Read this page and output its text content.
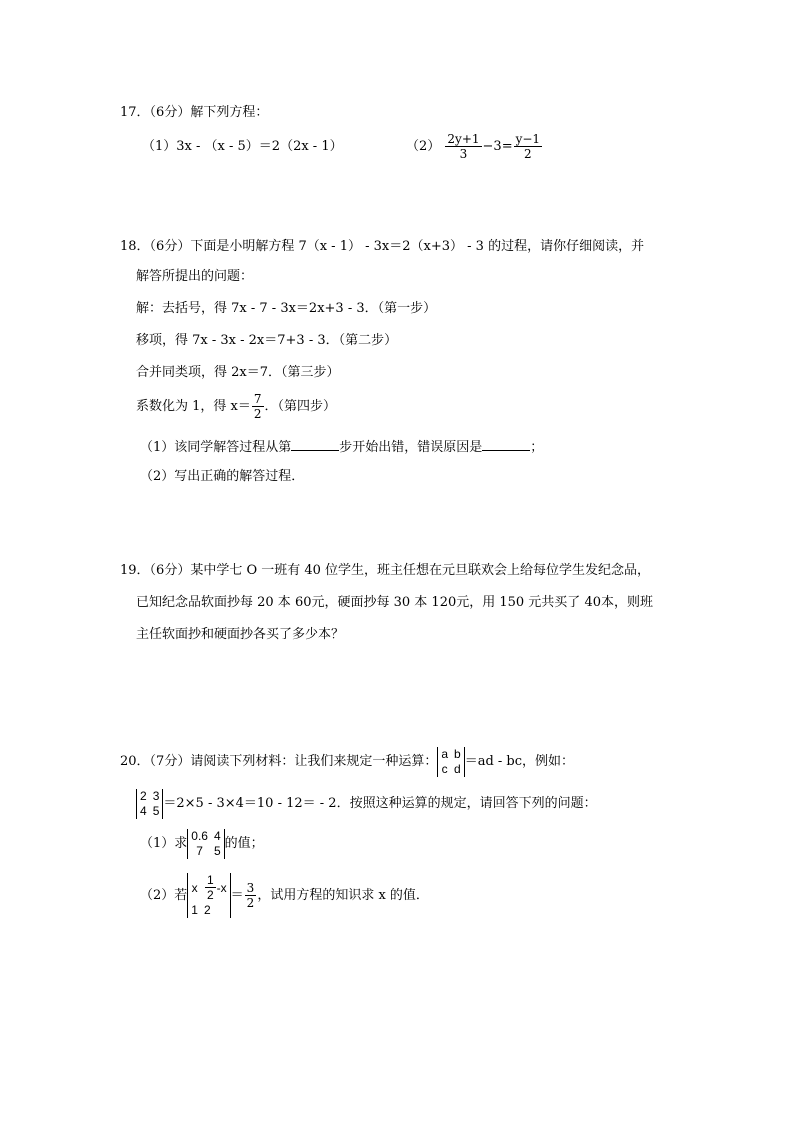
17．（6分）解下列方程：
（1）3x - （x - 5）＝2（2x - 1）	$(2) \frac{2y+1}{3} -3= \frac{y-1}{2}$
18．（6分）下面是小明解方程 7（x - 1） - 3x＝2（x+3） - 3 的过程，请你仔细阅读，并
解答所提出的问题：
解：去括号，得 7x - 7 - 3x＝2x+3 - 3．（第一步）
移项，得 7x - 3x - 2x＝7+3 - 3．（第二步）
合并同类项，得 2x＝7．（第三步）
系数化为 1，得 $x= \frac{7}{2}$ ．（第四步）
（1）该同学解答过程从第	步开始出错，错误原因是	；
（2）写出正确的解答过程．
19．（6分）某中学七 O 一班有 40 位学生，班主任想在元旦联欢会上给每位学生发纪念品，
已知纪念品软面抄每 20 本 60元，硬面抄每 30 本 120元，用 150 元共买了 40本，则班
主任软面抄和硬面抄各买了多少本？
20．（7分）请阅读下列材料：让我们来规定一种运算：
a b
c d ＝ad - bc，例如：
2 3
4 5 ＝2×5 - 3×4＝10 - 12＝ - 2．按照这种运算的规定，请回答下列的问题：
（1）求
0.6 4
7 5 的值；
（2）若
x $\frac{1}{2} -x$
1 2
＝ $\frac{3}{2}$ ，试用方程的知识求 x 的值．
